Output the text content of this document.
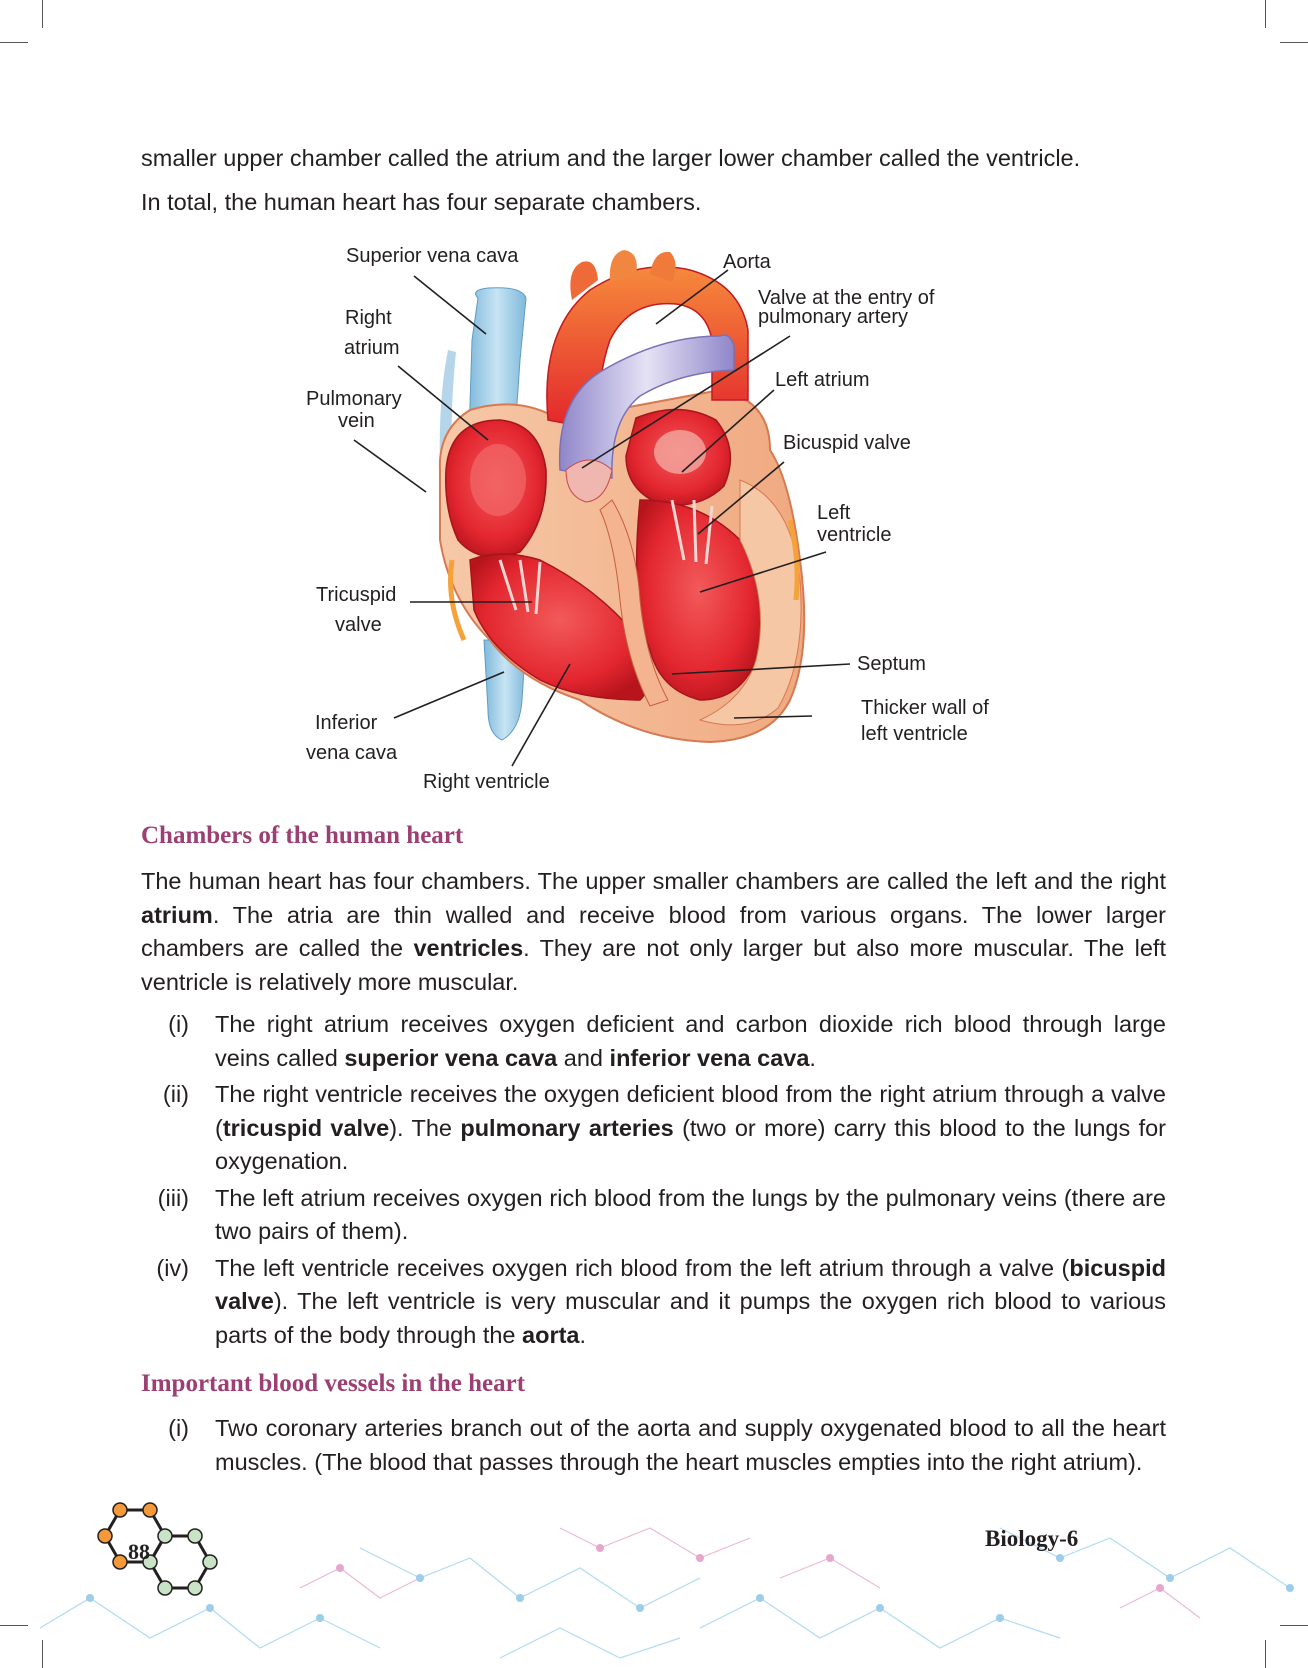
smaller upper chamber called the atrium and the larger lower chamber called the ventricle.
In total, the human heart has four separate chambers.

Superior vena cava	Aorta
Right
atrium
Valve at the entry of
pulmonary artery
Left atrium
Pulmonary
vein
Bicuspid valve
Left
ventricle
Tricuspid
valve
Septum
Thicker wall of
left ventricle
Inferior
vena cava
Right ventricle
Chambers of the human heart

The human heart has four chambers. The upper smaller chambers are called the left and the right atrium. The atria are thin walled and receive blood from various organs. The lower larger chambers are called the ventricles. They are not only larger but also more muscular. The left ventricle is relatively more muscular.

(i) The right atrium receives oxygen deficient and carbon dioxide rich blood through large veins called superior vena cava and inferior vena cava.
(ii) The right ventricle receives the oxygen deficient blood from the right atrium through a valve (tricuspid valve). The pulmonary arteries (two or more) carry this blood to the lungs for oxygenation.
(iii) The left atrium receives oxygen rich blood from the lungs by the pulmonary veins (there are two pairs of them).
(iv) The left ventricle receives oxygen rich blood from the left atrium through a valve (bicuspid valve). The left ventricle is very muscular and it pumps the oxygen rich blood to various parts of the body through the aorta.
Important blood vessels in the heart
(i) Two coronary arteries branch out of the aorta and supply oxygenated blood to all the heart muscles. (The blood that passes through the heart muscles empties into the right atrium).
88
Biology-6
